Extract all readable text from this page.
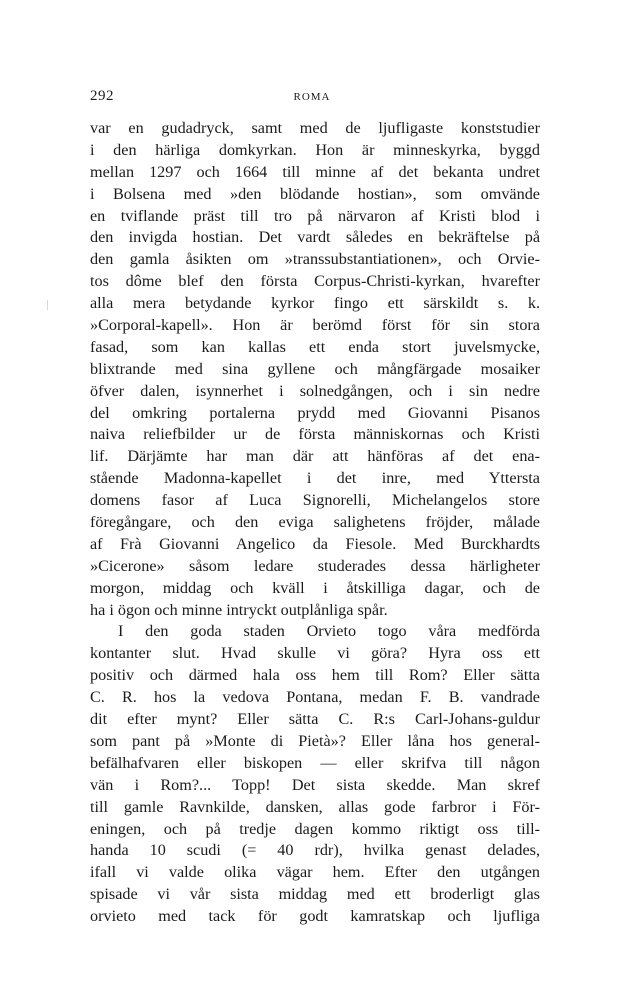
292	ROMA
var en gudadryck, samt med de ljufligaste konststudier
i den härliga domkyrkan. Hon är minneskyrka, byggd
mellan 1297 och 1664 till minne af det bekanta undret
i Bolsena med »den blödande hostian», som omvände
en tviflande präst till tro på närvaron af Kristi blod i
den invigda hostian. Det vardt således en bekräftelse på
den gamla åsikten om »transsubstantiationen», och Orvie-
tos dôme blef den första Corpus-Christi-kyrkan, hvarefter
alla mera betydande kyrkor fingo ett särskildt s. k.
»Corporal-kapell». Hon är berömd först för sin stora
fasad, som kan kallas ett enda stort juvelsmycke,
blixtrande med sina gyllene och mångfärgade mosaiker
öfver dalen, isynnerhet i solnedgången, och i sin nedre
del omkring portalerna prydd med Giovanni Pisanos
naiva reliefbilder ur de första människornas och Kristi
lif. Därjämte har man där att hänföras af det ena-
stående Madonna-kapellet i det inre, med Yttersta
domens fasor af Luca Signorelli, Michelangelos store
föregångare, och den eviga salighetens fröjder, målade
af Frà Giovanni Angelico da Fiesole. Med Burckhardts
»Cicerone» såsom ledare studerades dessa härligheter
morgon, middag och kväll i åtskilliga dagar, och de
ha i ögon och minne intryckt outplånliga spår.
I den goda staden Orvieto togo våra medförda
kontanter slut. Hvad skulle vi göra? Hyra oss ett
positiv och därmed hala oss hem till Rom? Eller sätta
C. R. hos la vedova Pontana, medan F. B. vandrade
dit efter mynt? Eller sätta C. R:s Carl-Johans-guldur
som pant på »Monte di Pietà»? Eller låna hos general-
befälhafvaren eller biskopen — eller skrifva till någon
vän i Rom?... Topp! Det sista skedde. Man skref
till gamle Ravnkilde, dansken, allas gode farbror i För-
eningen, och på tredje dagen kommo riktigt oss till-
handa 10 scudi (= 40 rdr), hvilka genast delades,
ifall vi valde olika vägar hem. Efter den utgången
spisade vi vår sista middag med ett broderligt glas
orvieto med tack för godt kamratskap och ljufliga
